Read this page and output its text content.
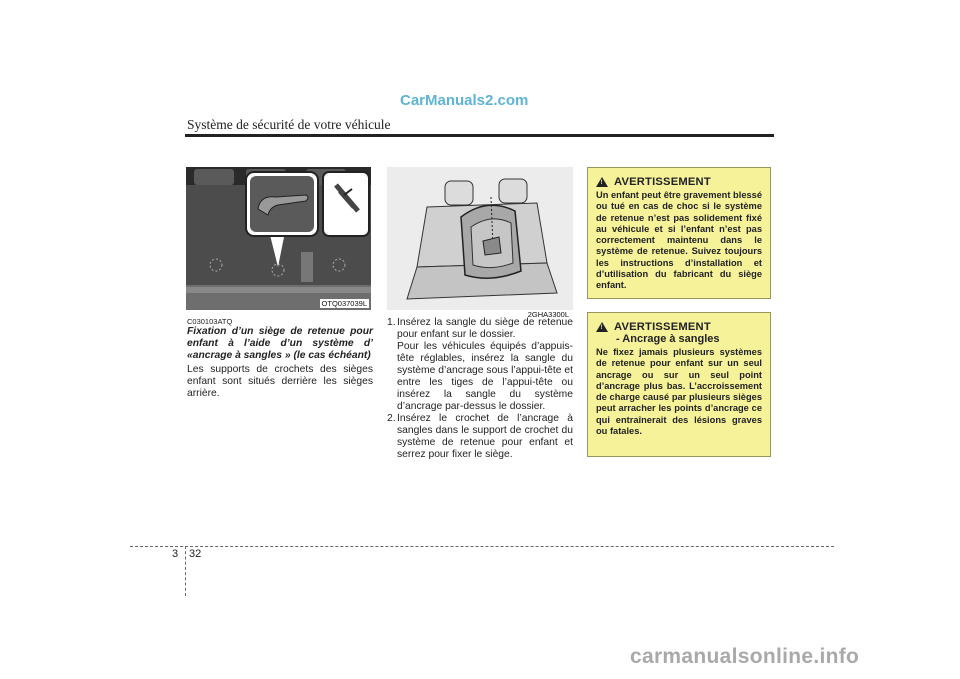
CarManuals2.com
Système de sécurité de votre véhicule
OTQ037039L
2GHA3300L
C030103ATQ
Fixation d’un siège de retenue pour enfant à l’aide d’un système d’ «ancrage à sangles » (le cas échéant)
Les supports de crochets des sièges enfant sont situés derrière les sièges arrière.
1. Insérez la sangle du siège de retenue pour enfant sur le dossier.
Pour les véhicules équipés d’appuis-tête réglables, insérez la sangle du système d’ancrage sous l’appui-tête et entre les tiges de l’appui-tête ou insérez la sangle du système d’ancrage par-dessus le dossier.
2. Insérez le crochet de l’ancrage à sangles dans le support de crochet du système de retenue pour enfant et serrez pour fixer le siège.
! AVERTISSEMENT
Un enfant peut être gravement blessé ou tué en cas de choc si le système de retenue n’est pas solidement fixé au véhicule et si l’enfant n’est pas correctement maintenu dans le système de retenue. Suivez toujours les instructions d’installation et d’utilisation du fabricant du siège enfant.
! AVERTISSEMENT
- Ancrage à sangles
Ne fixez jamais plusieurs systèmes de retenue pour enfant sur un seul ancrage ou sur un seul point d’ancrage plus bas. L’accroissement de charge causé par plusieurs sièges peut arracher les points d’ancrage ce qui entraînerait des lésions graves ou fatales.
3 32
carmanualsonline.info
